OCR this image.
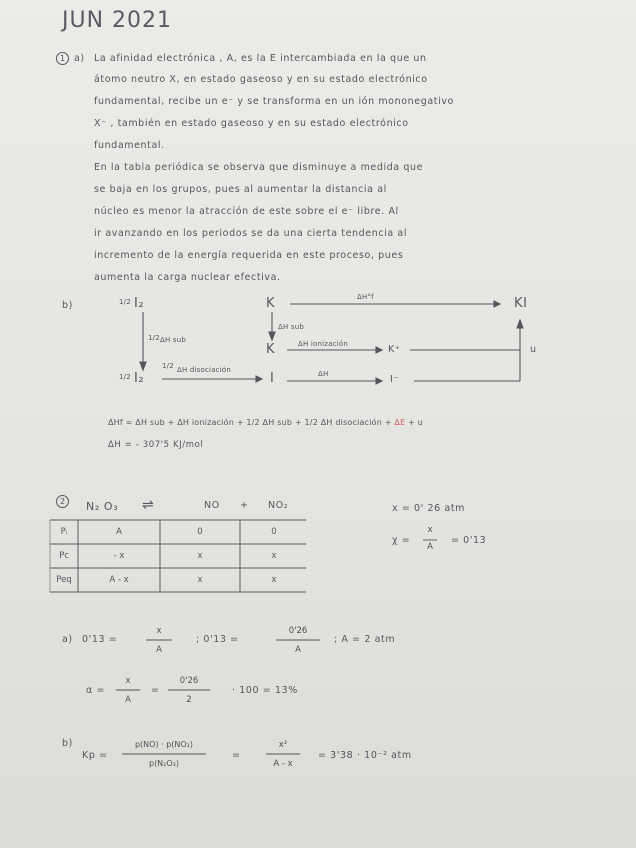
JUN 2021
1 a) La afinidad electrónica , A, es la E intercambiada en la que un
átomo neutro X, en estado gaseoso y en su estado electrónico
fundamental, recibe un e⁻ y se transforma en un ión mononegativo
X⁻ , también en estado gaseoso y en su estado electrónico
fundamental.
En la tabla periódica se observa que disminuye a medida que
se baja en los grupos, pues al aumentar la distancia al
núcleo es menor la atracción de este sobre el e⁻ libre. Al
ir avanzando en los periodos se da una cierta tendencia al
incremento de la energía requerida en este proceso, pues
aumenta la carga nuclear efectiva.
b)	1/2 I₂	K	ΔH°f	KI
1/2 ΔH sub
ΔH sub
K	ΔH ionización	K⁺	u
1/2 I₂
1/2 ΔH disociación
I	ΔH	I⁻
ΔHf = ΔH sub + ΔH ionización + 1/2 ΔH sub + 1/2 ΔH disociación + ΔE + u
ΔH = - 307'5 KJ/mol
2	N₂ O₃ ⇌	NO + NO₂	x = 0' 26 atm
χ =
x
A
= 0'13
Pᵢ	A	0	0
Pc	- x	x	x
Peq	A - x	x	x
a) 0'13 =
x
A
; 0'13 =
0'26
A
; A = 2 atm
α =
x
A
=
0'26
2
· 100 = 13%
b)
Kp =
p(NO) · p(NO₂)
p(N₂O₃)
=
x²
A - x
= 3'38 · 10⁻² atm
